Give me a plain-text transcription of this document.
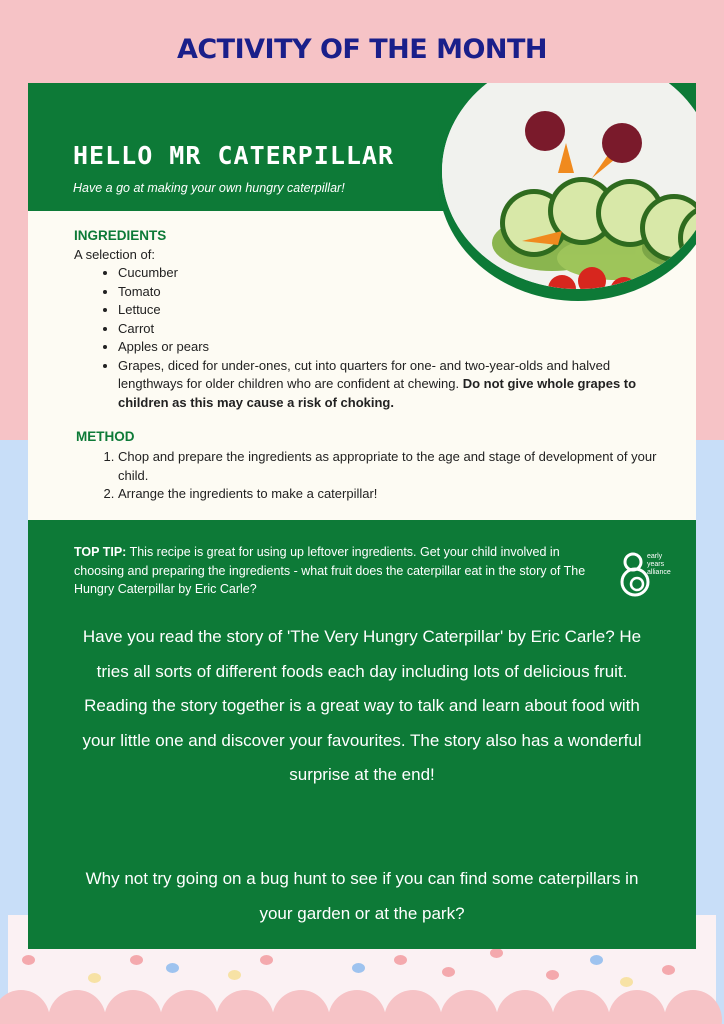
ACTIVITY OF THE MONTH
HELLO MR CATERPILLAR
Have a go at making your own hungry caterpillar!
INGREDIENTS
A selection of:
• Cucumber
• Tomato
• Lettuce
• Carrot
• Apples or pears
• Grapes, diced for under-ones, cut into quarters for one- and two-year-olds and halved lengthways for older children who are confident at chewing. Do not give whole grapes to children as this may cause a risk of choking.
METHOD
1. Chop and prepare the ingredients as appropriate to the age and stage of development of your child.
2. Arrange the ingredients to make a caterpillar!
TOP TIP: This recipe is great for using up leftover ingredients. Get your child involved in choosing and preparing the ingredients - what fruit does the caterpillar eat in the story of The Hungry Caterpillar by Eric Carle?
early
years
alliance
Have you read the story of 'The Very Hungry Caterpillar' by Eric Carle? He tries all sorts of different foods each day including lots of delicious fruit. Reading the story together is a great way to talk and learn about food with your little one and discover your favourites. The story also has a wonderful surprise at the end!
Why not try going on a bug hunt to see if you can find some caterpillars in your garden or at the park?
